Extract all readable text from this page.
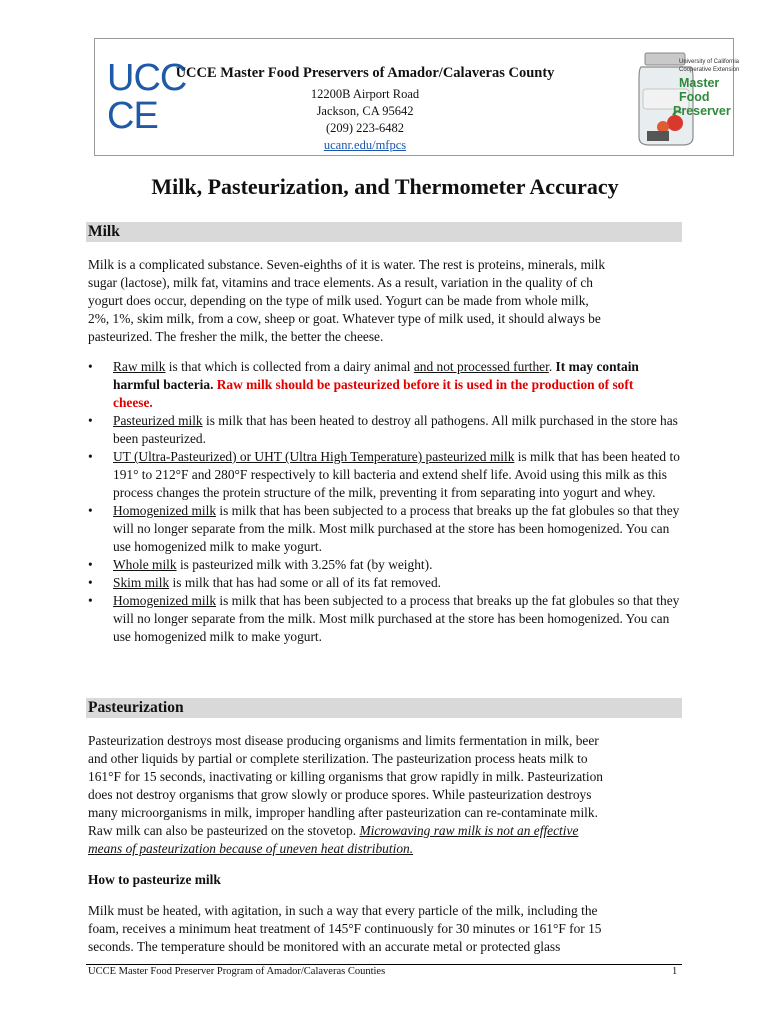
UC C
C E
UCCE Master Food Preservers of Amador/Calaveras County
12200B Airport Road
Jackson, CA 95642
(209) 223-6482
ucanr.edu/mfpcs
University of California
Cooperative Extension
Master
Food
Preserver
Milk, Pasteurization, and Thermometer Accuracy
Milk
Milk is a complicated substance. Seven-eighths of it is water. The rest is proteins, minerals, milk
sugar (lactose), milk fat, vitamins and trace elements. As a result, variation in the quality of ch
yogurt does occur, depending on the type of milk used. Yogurt can be made from whole milk,
2%, 1%, skim milk, from a cow, sheep or goat. Whatever type of milk used, it should always be
pasteurized. The fresher the milk, the better the cheese.
• Raw milk is that which is collected from a dairy animal and not processed further. It may contain harmful bacteria. Raw milk should be pasteurized before it is used in the production of soft cheese.
• Pasteurized milk is milk that has been heated to destroy all pathogens. All milk purchased in the store has been pasteurized.
• UT (Ultra-Pasteurized) or UHT (Ultra High Temperature) pasteurized milk is milk that has been heated to 191° to 212°F and 280°F respectively to kill bacteria and extend shelf life. Avoid using this milk as this process changes the protein structure of the milk, preventing it from separating into yogurt and whey.
• Homogenized milk is milk that has been subjected to a process that breaks up the fat globules so that they will no longer separate from the milk. Most milk purchased at the store has been homogenized. You can use homogenized milk to make yogurt.
• Whole milk is pasteurized milk with 3.25% fat (by weight).
• Skim milk is milk that has had some or all of its fat removed.
• Homogenized milk is milk that has been subjected to a process that breaks up the fat globules so that they will no longer separate from the milk. Most milk purchased at the store has been homogenized. You can use homogenized milk to make yogurt.
Pasteurization
Pasteurization destroys most disease producing organisms and limits fermentation in milk, beer
and other liquids by partial or complete sterilization. The pasteurization process heats milk to
161°F for 15 seconds, inactivating or killing organisms that grow rapidly in milk. Pasteurization
does not destroy organisms that grow slowly or produce spores. While pasteurization destroys
many microorganisms in milk, improper handling after pasteurization can re-contaminate milk.
Raw milk can also be pasteurized on the stovetop. Microwaving raw milk is not an effective
means of pasteurization because of uneven heat distribution.
How to pasteurize milk
Milk must be heated, with agitation, in such a way that every particle of the milk, including the
foam, receives a minimum heat treatment of 145°F continuously for 30 minutes or 161°F for 15
seconds. The temperature should be monitored with an accurate metal or protected glass
UCCE Master Food Preserver Program of Amador/Calaveras Counties	1
